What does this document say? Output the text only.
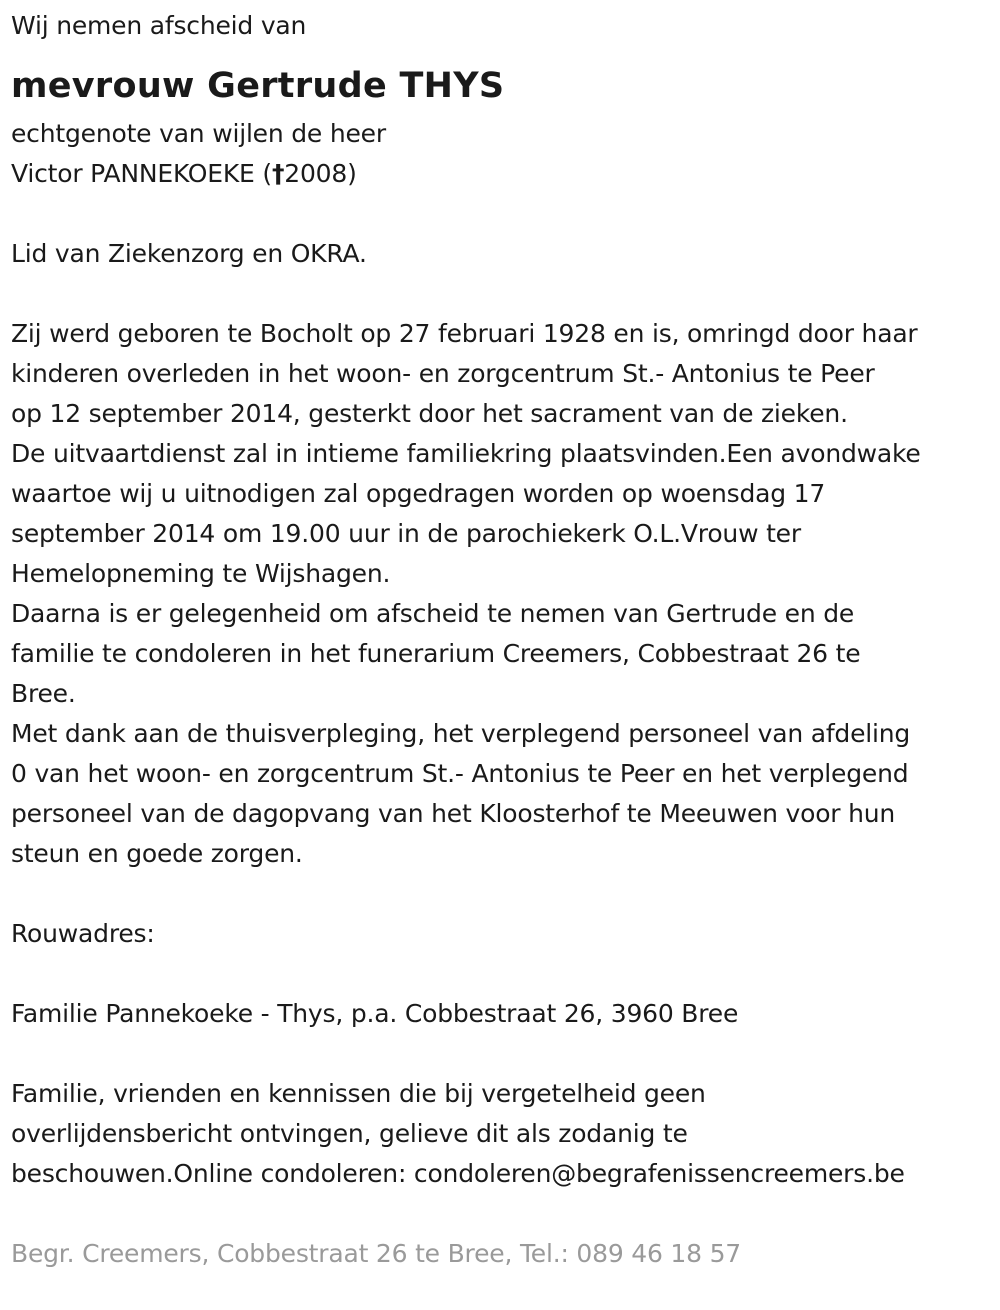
Wij nemen afscheid van
mevrouw Gertrude THYS
echtgenote van wijlen de heer
Victor PANNEKOEKE (†2008)
Lid van Ziekenzorg en OKRA.
Zij werd geboren te Bocholt op 27 februari 1928 en is, omringd door haar
kinderen overleden in het woon- en zorgcentrum St.- Antonius te Peer
op 12 september 2014, gesterkt door het sacrament van de zieken.
De uitvaartdienst zal in intieme familiekring plaatsvinden.Een avondwake
waartoe wij u uitnodigen zal opgedragen worden op woensdag 17
september 2014 om 19.00 uur in de parochiekerk O.L.Vrouw ter
Hemelopneming te Wijshagen.
Daarna is er gelegenheid om afscheid te nemen van Gertrude en de
familie te condoleren in het funerarium Creemers, Cobbestraat 26 te
Bree.
Met dank aan de thuisverpleging, het verplegend personeel van afdeling
0 van het woon- en zorgcentrum St.- Antonius te Peer en het verplegend
personeel van de dagopvang van het Kloosterhof te Meeuwen voor hun
steun en goede zorgen.
Rouwadres:
Familie Pannekoeke - Thys, p.a. Cobbestraat 26, 3960 Bree
Familie, vrienden en kennissen die bij vergetelheid geen
overlijdensbericht ontvingen, gelieve dit als zodanig te
beschouwen.Online condoleren: condoleren@begrafenissencreemers.be
Begr. Creemers, Cobbestraat 26 te Bree, Tel.: 089 46 18 57
